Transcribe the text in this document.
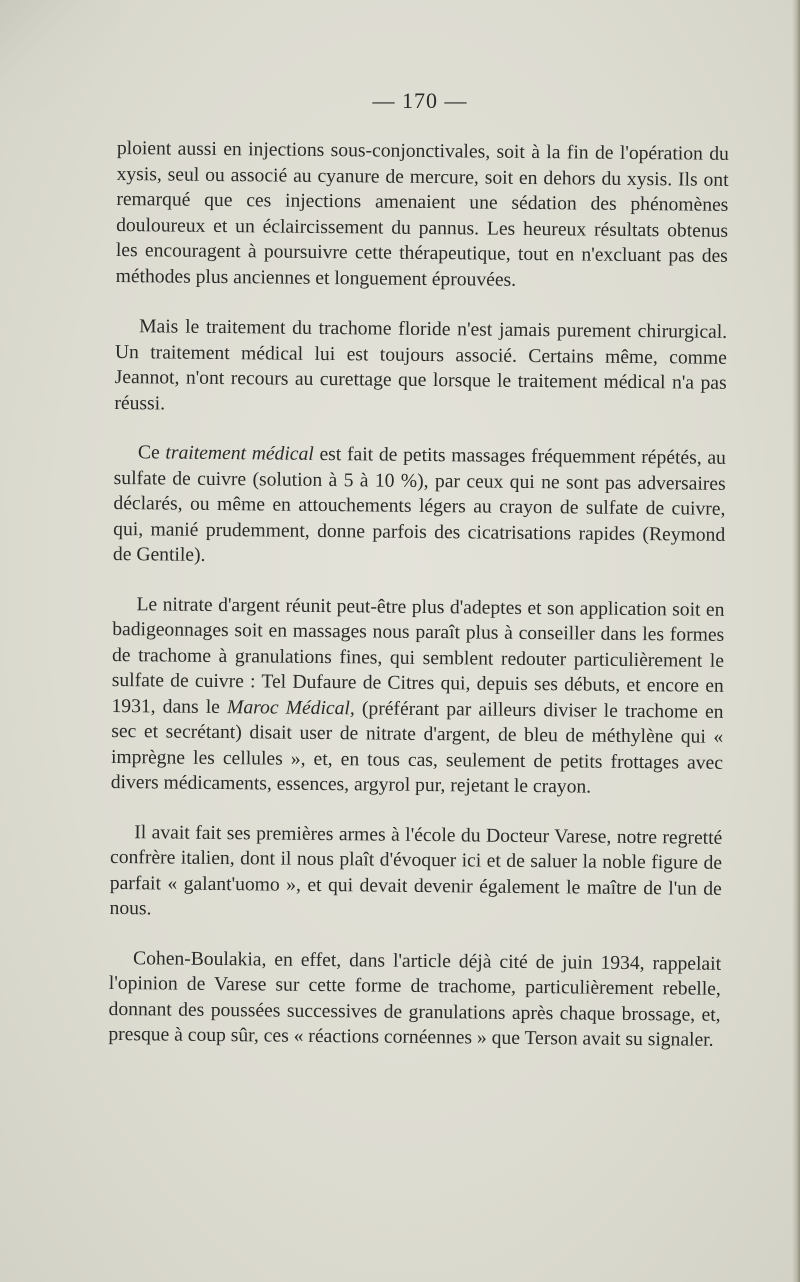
— 170 —

ploient aussi en injections sous-conjonctivales, soit à la fin de l'opération du xysis, seul ou associé au cyanure de mercure, soit en dehors du xysis. Ils ont remarqué que ces injections amenaient une sédation des phénomènes douloureux et un éclaircissement du pannus. Les heureux résultats obtenus les encouragent à poursuivre cette thérapeutique, tout en n'excluant pas des méthodes plus anciennes et longuement éprouvées.

Mais le traitement du trachome floride n'est jamais purement chirurgical. Un traitement médical lui est toujours associé. Certains même, comme Jeannot, n'ont recours au curettage que lorsque le traitement médical n'a pas réussi.

Ce traitement médical est fait de petits massages fréquemment répétés, au sulfate de cuivre (solution à 5 à 10 %), par ceux qui ne sont pas adversaires déclarés, ou même en attouchements légers au crayon de sulfate de cuivre, qui, manié prudemment, donne parfois des cicatrisations rapides (Reymond de Gentile).

Le nitrate d'argent réunit peut-être plus d'adeptes et son application soit en badigeonnages soit en massages nous paraît plus à conseiller dans les formes de trachome à granulations fines, qui semblent redouter particulièrement le sulfate de cuivre : Tel Dufaure de Citres qui, depuis ses débuts, et encore en 1931, dans le Maroc Médical, (préférant par ailleurs diviser le trachome en sec et secrétant) disait user de nitrate d'argent, de bleu de méthylène qui « imprègne les cellules », et, en tous cas, seulement de petits frottages avec divers médicaments, essences, argyrol pur, rejetant le crayon.

Il avait fait ses premières armes à l'école du Docteur Varese, notre regretté confrère italien, dont il nous plaît d'évoquer ici et de saluer la noble figure de parfait « galant'uomo », et qui devait devenir également le maître de l'un de nous.

Cohen-Boulakia, en effet, dans l'article déjà cité de juin 1934, rappelait l'opinion de Varese sur cette forme de trachome, particulièrement rebelle, donnant des poussées successives de granulations après chaque brossage, et, presque à coup sûr, ces « réactions cornéennes » que Terson avait su signaler.
